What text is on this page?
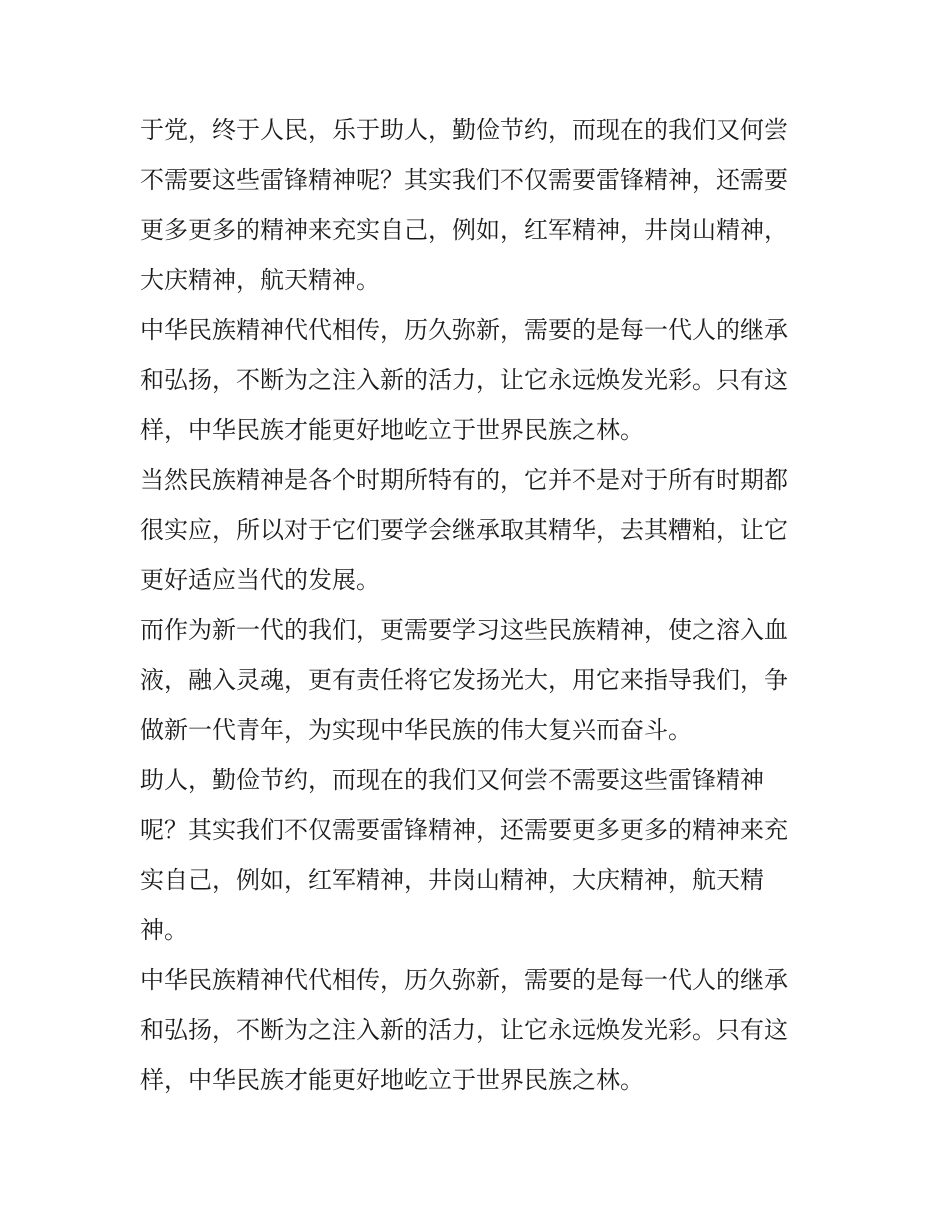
于党，终于人民，乐于助人，勤俭节约，而现在的我们又何尝
不需要这些雷锋精神呢？其实我们不仅需要雷锋精神，还需要
更多更多的精神来充实自己，例如，红军精神，井岗山精神，
大庆精神，航天精神。

中华民族精神代代相传，历久弥新，需要的是每一代人的继承
和弘扬，不断为之注入新的活力，让它永远焕发光彩。只有这
样，中华民族才能更好地屹立于世界民族之林。

当然民族精神是各个时期所特有的，它并不是对于所有时期都
很实应，所以对于它们要学会继承取其精华，去其糟粕，让它
更好适应当代的发展。

而作为新一代的我们，更需要学习这些民族精神，使之溶入血
液，融入灵魂，更有责任将它发扬光大，用它来指导我们，争
做新一代青年，为实现中华民族的伟大复兴而奋斗。

助人，勤俭节约，而现在的我们又何尝不需要这些雷锋精神
呢？其实我们不仅需要雷锋精神，还需要更多更多的精神来充
实自己，例如，红军精神，井岗山精神，大庆精神，航天精
神。

中华民族精神代代相传，历久弥新，需要的是每一代人的继承
和弘扬，不断为之注入新的活力，让它永远焕发光彩。只有这
样，中华民族才能更好地屹立于世界民族之林。
